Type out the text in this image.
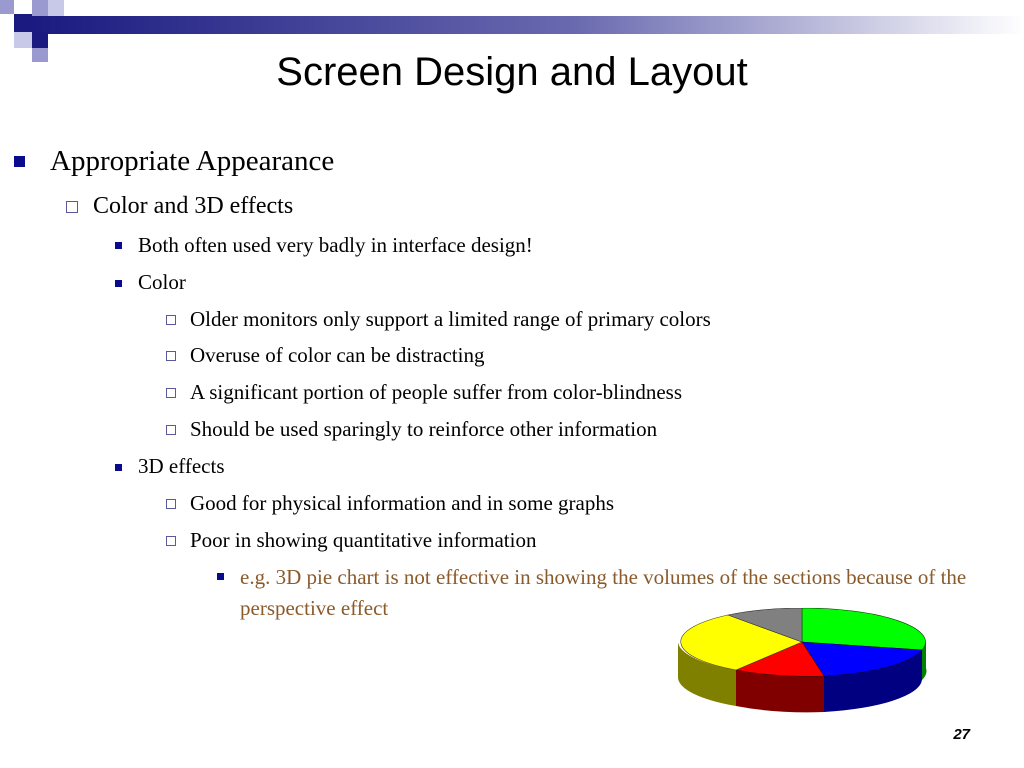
Screen Design and Layout
Appropriate Appearance
Color and 3D effects
Both often used very badly in interface design!
Color
Older monitors only support a limited range of primary colors
Overuse of color can be distracting
A significant portion of people suffer from color-blindness
Should be used sparingly to reinforce other information
3D effects
Good for physical information and in some graphs
Poor in showing quantitative information
e.g. 3D pie chart is not effective in showing the volumes of the sections because of the perspective effect
27
